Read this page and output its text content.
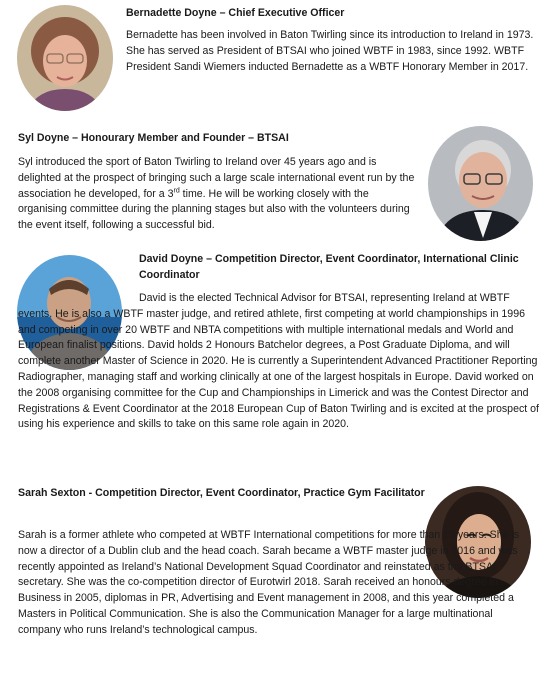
Bernadette Doyne – Chief Executive Officer

Bernadette has been involved in Baton Twirling since its introduction to Ireland in 1973. She has served as President of BTSAI who joined WBTF in 1983, since 1992. WBTF President Sandi Wiemers inducted Bernadette as a WBTF Honorary Member in 2017.

Syl Doyne – Honourary Member and Founder – BTSAI

Syl introduced the sport of Baton Twirling to Ireland over 45 years ago and is delighted at the prospect of bringing such a large scale international event run by the association he developed, for a 3rd time. He will be working closely with the organising committee during the planning stages but also with the volunteers during the event itself, following a successful bid.

David Doyne – Competition Director, Event Coordinator, International Clinic Coordinator

David is the elected Technical Advisor for BTSAI, representing Ireland at WBTF events. He is also a WBTF master judge, and retired athlete, first competing at world championships in 1996 and competing in over 20 WBTF and NBTA competitions with multiple international medals and World and European finalist positions. David holds 2 Honours Batchelor degrees, a Post Graduate Diploma, and will complete another Master of Science in 2020. He is currently a Superintendent Advanced Practitioner Reporting Radiographer, managing staff and working clinically at one of the largest hospitals in Europe. David worked on the 2008 organising committee for the Cup and Championships in Limerick and was the Contest Director and Registrations & Event Coordinator at the 2018 European Cup of Baton Twirling and is excited at the prospect of using his experience and skills to take on this same role again in 2020.

Sarah Sexton - Competition Director, Event Coordinator, Practice Gym Facilitator

Sarah is a former athlete who competed at WBTF International competitions for more than 15 years. She is now a director of a Dublin club and the head coach. Sarah became a WBTF master judge in 2016 and was recently appointed as Ireland’s National Development Squad Coordinator and reinstated as the BTSAI secretary. She was the co-competition director of Eurotwirl 2018. Sarah received an honours degree in Business in 2005, diplomas in PR, Advertising and Event management in 2008, and this year completed a Masters in Political Communication. She is also the Communication Manager for a large multinational company who runs Ireland’s technological campus.
